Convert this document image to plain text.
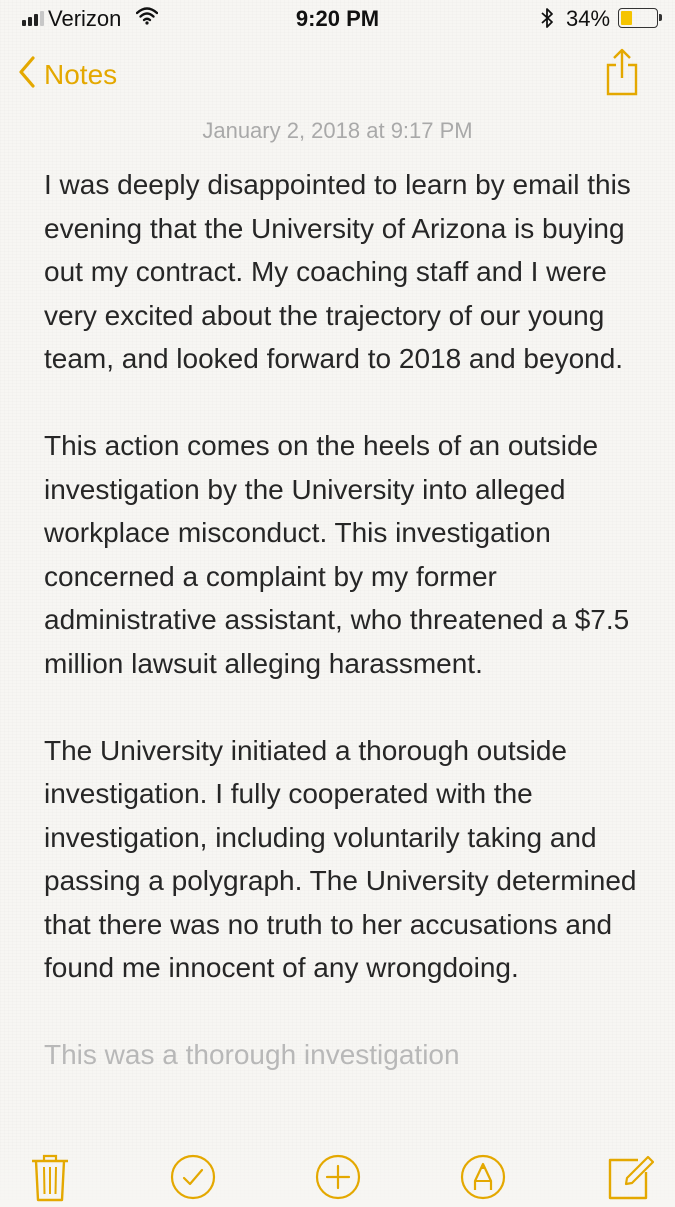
Verizon	9:20 PM	34%
Notes
January 2, 2018 at 9:17 PM

I was deeply disappointed to learn by email this evening that the University of Arizona is buying out my contract. My coaching staff and I were very excited about the trajectory of our young team, and looked forward to 2018 and beyond.

This action comes on the heels of an outside investigation by the University into alleged workplace misconduct. This investigation concerned a complaint by my former administrative assistant, who threatened a $7.5 million lawsuit alleging harassment.

The University initiated a thorough outside investigation. I fully cooperated with the investigation, including voluntarily taking and passing a polygraph. The University determined that there was no truth to her accusations and found me innocent of any wrongdoing.

This was a thorough investigation
